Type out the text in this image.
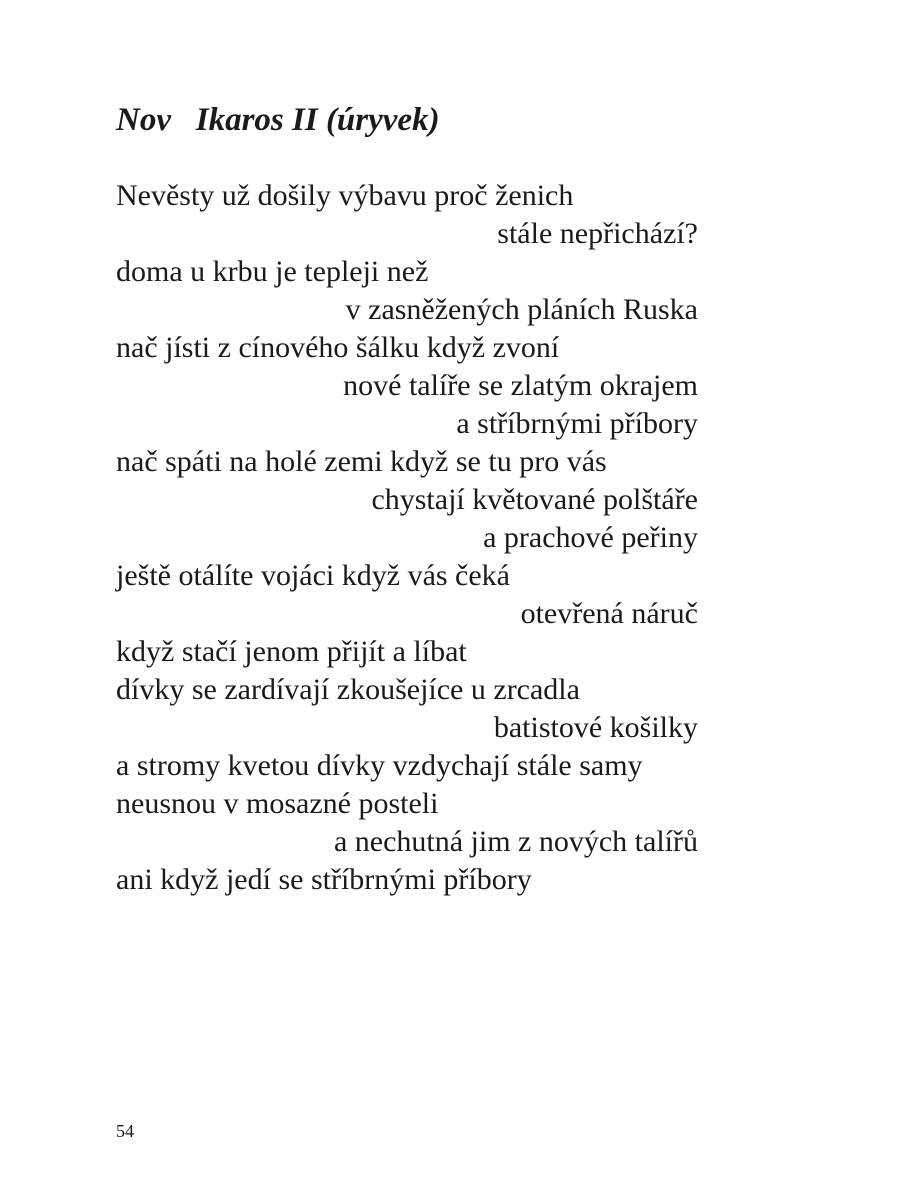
Nov   Ikaros II (úryvek)
Nevěsty už došily výbavu proč ženich
stále nepřichází?
doma u krbu je tepleji než
v zasněžených pláních Ruska
nač jísti z cínového šálku když zvoní
nové talíře se zlatým okrajem
a stříbrnými příbory
nač spáti na holé zemi když se tu pro vás
chystají květované polštáře
a prachové peřiny
ještě otálíte vojáci když vás čeká
otevřená náruč
když stačí jenom přijít a líbat
dívky se zardívají zkoušejíce u zrcadla
batistové košilky
a stromy kvetou dívky vzdychají stále samy
neusnou v mosazné posteli
a nechutná jim z nových talířů
ani když jedí se stříbrnými příbory
54
